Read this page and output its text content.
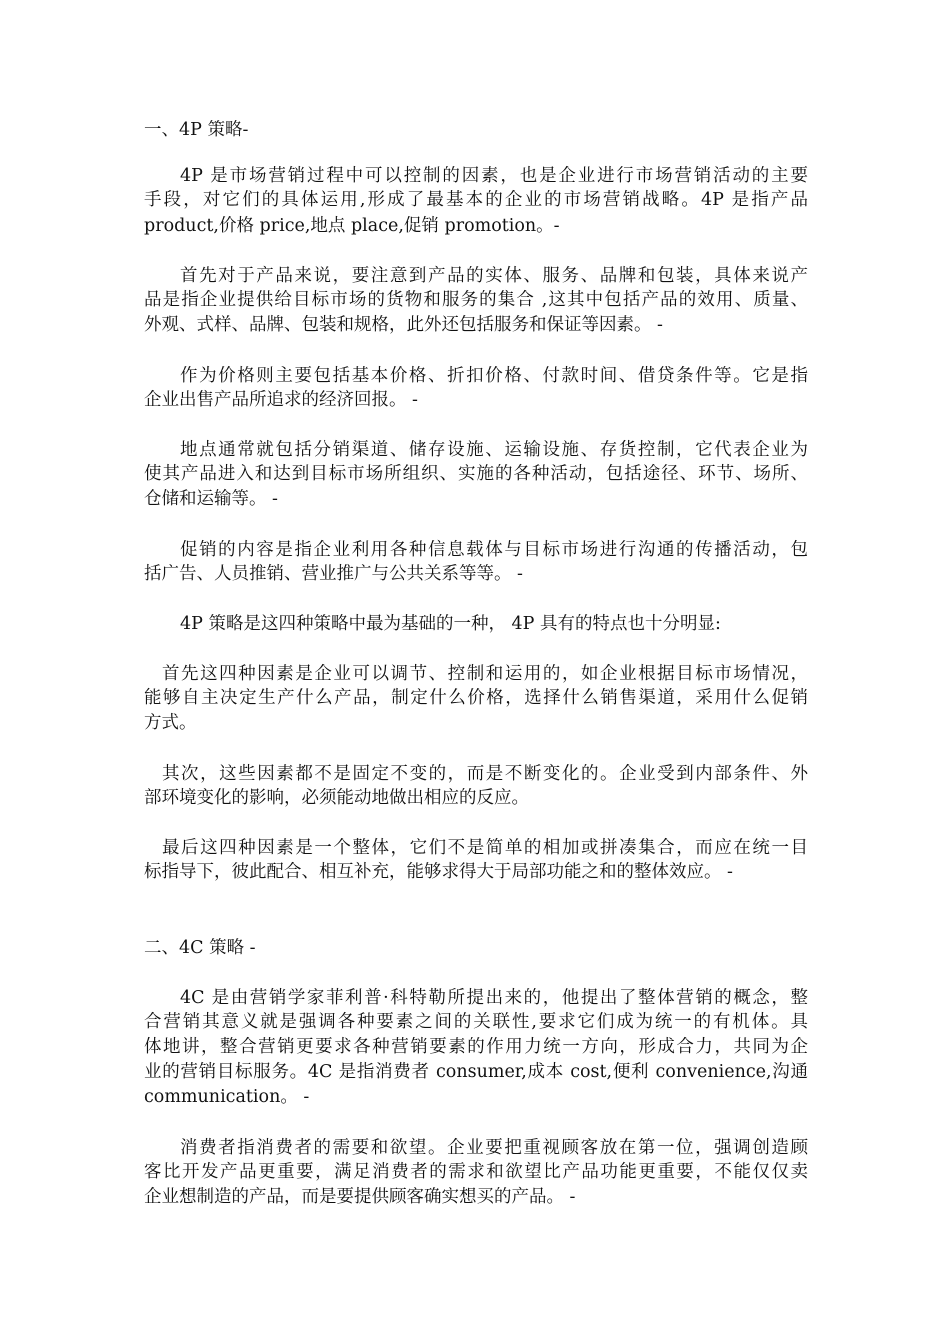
一、4P 策略-
4P 是市场营销过程中可以控制的因素，也是企业进行市场营销活动的主要
手段，对它们的具体运用,形成了最基本的企业的市场营销战略。4P 是指产品
product,价格 price,地点 place,促销 promotion。-
首先对于产品来说，要注意到产品的实体、服务、品牌和包装，具体来说产
品是指企业提供给目标市场的货物和服务的集合 ,这其中包括产品的效用、质量、
外观、式样、品牌、包装和规格，此外还包括服务和保证等因素。 -
作为价格则主要包括基本价格、折扣价格、付款时间、借贷条件等。它是指
企业出售产品所追求的经济回报。 -
地点通常就包括分销渠道、储存设施、运输设施、存货控制，它代表企业为
使其产品进入和达到目标市场所组织、实施的各种活动，包括途径、环节、场所、
仓储和运输等。 -
促销的内容是指企业利用各种信息载体与目标市场进行沟通的传播活动，包
括广告、人员推销、营业推广与公共关系等等。 -
4P 策略是这四种策略中最为基础的一种， 4P 具有的特点也十分明显:
首先这四种因素是企业可以调节、控制和运用的，如企业根据目标市场情况，
能够自主决定生产什么产品，制定什么价格，选择什么销售渠道，采用什么促销
方式。
其次，这些因素都不是固定不变的，而是不断变化的。企业受到内部条件、外
部环境变化的影响，必须能动地做出相应的反应。
最后这四种因素是一个整体，它们不是简单的相加或拼凑集合，而应在统一目
标指导下，彼此配合、相互补充，能够求得大于局部功能之和的整体效应。 -
二、4C 策略 -
4C 是由营销学家菲利普·科特勒所提出来的，他提出了整体营销的概念，整
合营销其意义就是强调各种要素之间的关联性,要求它们成为统一的有机体。具
体地讲，整合营销更要求各种营销要素的作用力统一方向，形成合力，共同为企
业的营销目标服务。4C 是指消费者 consumer,成本 cost,便利 convenience,沟通
communication。 -
消费者指消费者的需要和欲望。企业要把重视顾客放在第一位，强调创造顾
客比开发产品更重要，满足消费者的需求和欲望比产品功能更重要，不能仅仅卖
企业想制造的产品，而是要提供顾客确实想买的产品。 -
